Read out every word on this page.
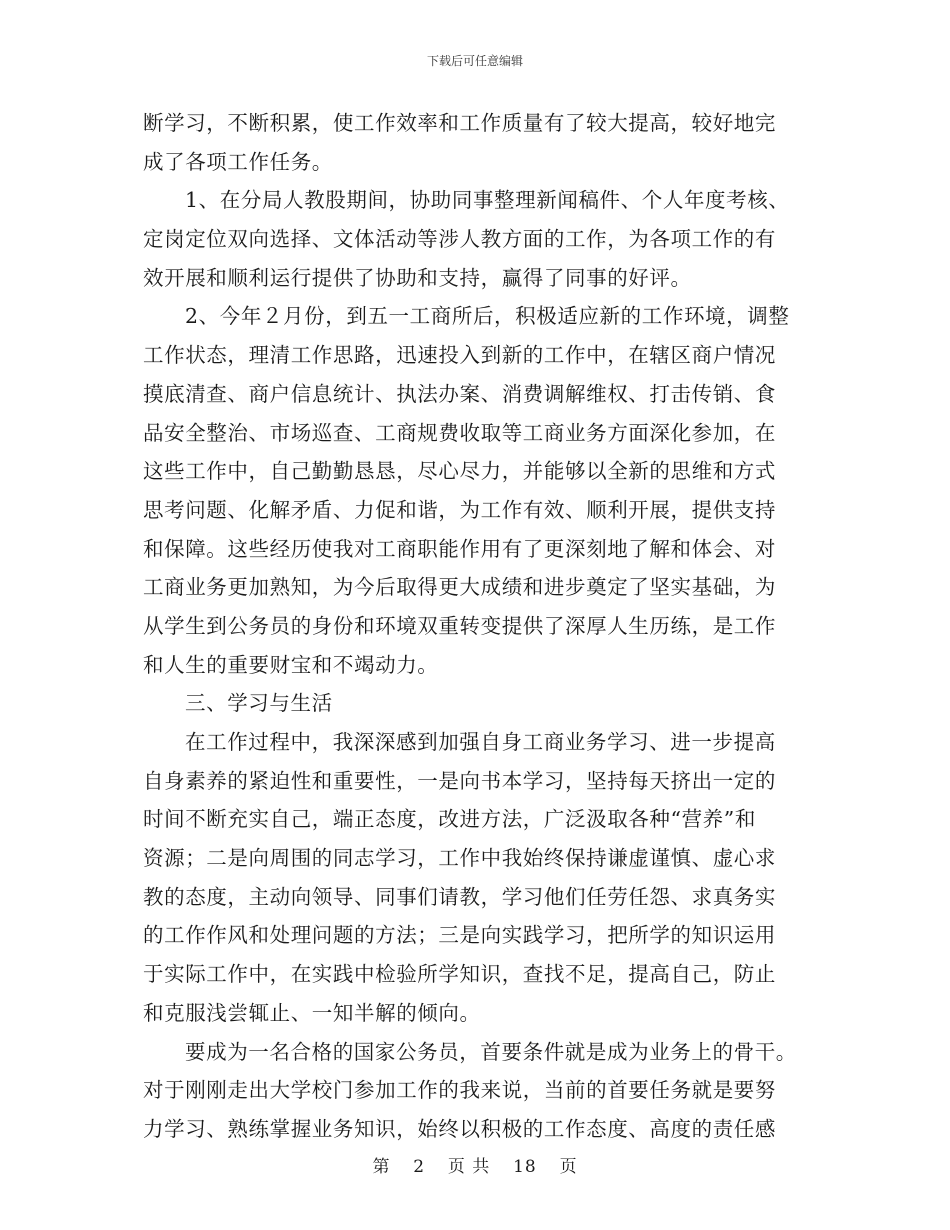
下载后可任意编辑
断学习，不断积累，使工作效率和工作质量有了较大提高，较好地完
成了各项工作任务。
1、在分局人教股期间，协助同事整理新闻稿件、个人年度考核、
定岗定位双向选择、文体活动等涉人教方面的工作，为各项工作的有
效开展和顺利运行提供了协助和支持，赢得了同事的好评。
2、今年２月份，到五一工商所后，积极适应新的工作环境，调整
工作状态，理清工作思路，迅速投入到新的工作中，在辖区商户情况
摸底清查、商户信息统计、执法办案、消费调解维权、打击传销、食
品安全整治、市场巡查、工商规费收取等工商业务方面深化参加，在
这些工作中，自己勤勤恳恳，尽心尽力，并能够以全新的思维和方式
思考问题、化解矛盾、力促和谐，为工作有效、顺利开展，提供支持
和保障。这些经历使我对工商职能作用有了更深刻地了解和体会、对
工商业务更加熟知，为今后取得更大成绩和进步奠定了坚实基础，为
从学生到公务员的身份和环境双重转变提供了深厚人生历练，是工作
和人生的重要财宝和不竭动力。
三、学习与生活
在工作过程中，我深深感到加强自身工商业务学习、进一步提高
自身素养的紧迫性和重要性，一是向书本学习，坚持每天挤出一定的
时间不断充实自己，端正态度，改进方法，广泛汲取各种“营养”和
资源；二是向周围的同志学习，工作中我始终保持谦虚谨慎、虚心求
教的态度，主动向领导、同事们请教，学习他们任劳任怨、求真务实
的工作作风和处理问题的方法；三是向实践学习，把所学的知识运用
于实际工作中，在实践中检验所学知识，查找不足，提高自己，防止
和克服浅尝辄止、一知半解的倾向。
要成为一名合格的国家公务员，首要条件就是成为业务上的骨干。
对于刚刚走出大学校门参加工作的我来说，当前的首要任务就是要努
力学习、熟练掌握业务知识，始终以积极的工作态度、高度的责任感
第 2 页 共 18 页
